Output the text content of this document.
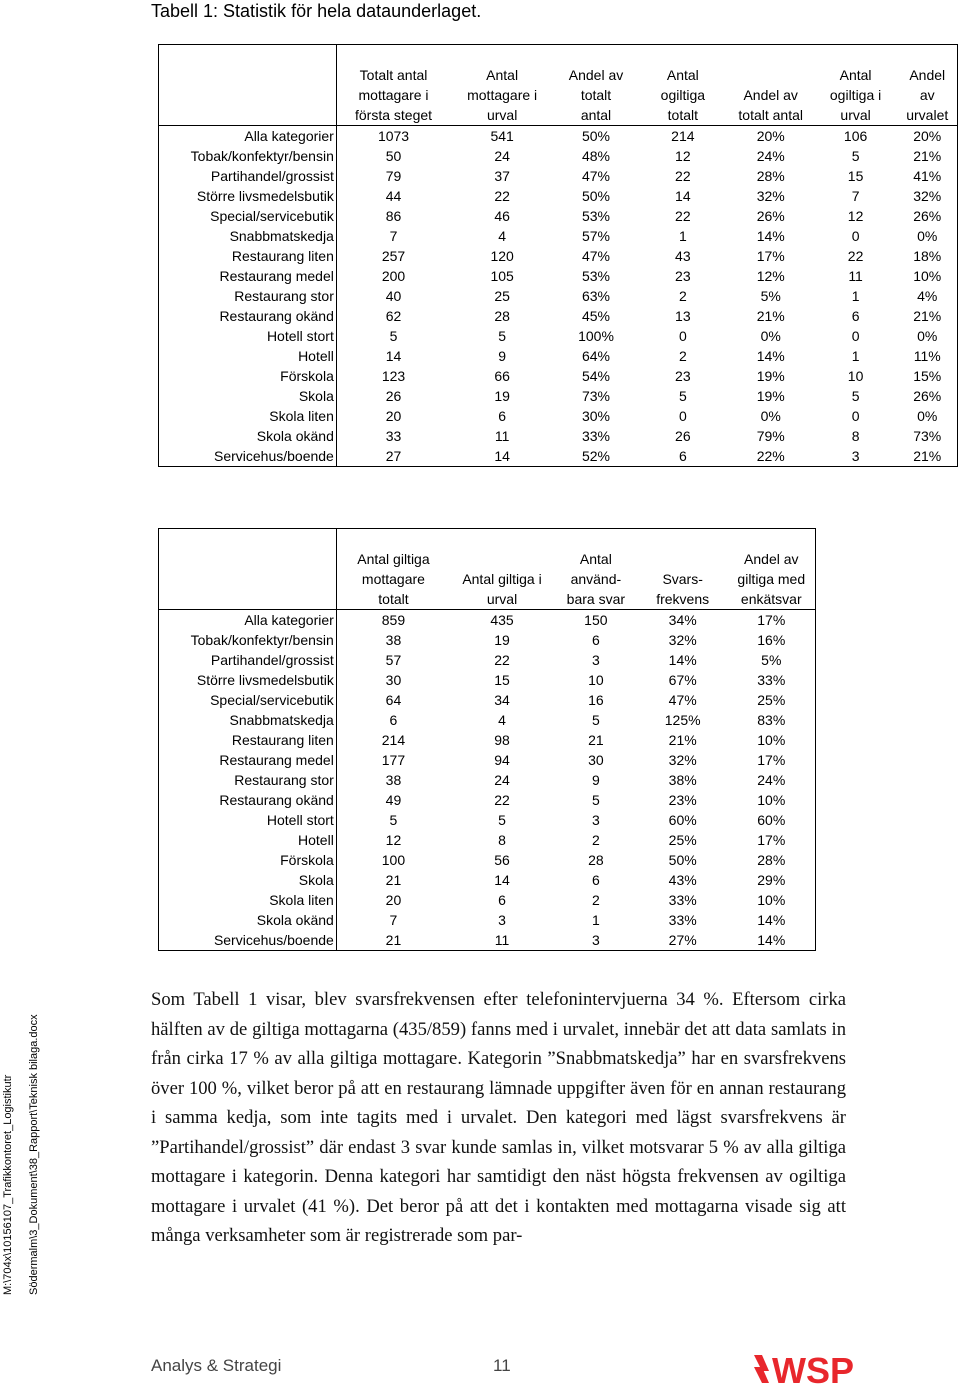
Tabell 1: Statistik för hela dataunderlaget.

	Totalt antal
mottagare i
första steget	Antal
mottagare i
urval	Andel av
totalt
antal	Antal
ogiltiga
totalt	Andel av
totalt antal	Antal
ogiltiga i
urval	Andel
av
urvalet

Alla kategorier	1073	541	50%	214	20%	106	20%
Tobak/konfektyr/bensin	50	24	48%	12	24%	5	21%
Partihandel/grossist	79	37	47%	22	28%	15	41%
Större livsmedelsbutik	44	22	50%	14	32%	7	32%
Special/servicebutik	86	46	53%	22	26%	12	26%
Snabbmatskedja	7	4	57%	1	14%	0	0%
Restaurang liten	257	120	47%	43	17%	22	18%
Restaurang medel	200	105	53%	23	12%	11	10%
Restaurang stor	40	25	63%	2	5%	1	4%
Restaurang okänd	62	28	45%	13	21%	6	21%
Hotell stort	5	5	100%	0	0%	0	0%
Hotell	14	9	64%	2	14%	1	11%
Förskola	123	66	54%	23	19%	10	15%
Skola	26	19	73%	5	19%	5	26%
Skola liten	20	6	30%	0	0%	0	0%
Skola okänd	33	11	33%	26	79%	8	73%
Servicehus/boende	27	14	52%	6	22%	3	21%

	Antal giltiga
mottagare
totalt	Antal giltiga i
urval	Antal
använd-
bara svar	Svars-
frekvens	Andel av
giltiga med
enkätsvar

Alla kategorier	859	435	150	34%	17%
Tobak/konfektyr/bensin	38	19	6	32%	16%
Partihandel/grossist	57	22	3	14%	5%
Större livsmedelsbutik	30	15	10	67%	33%
Special/servicebutik	64	34	16	47%	25%
Snabbmatskedja	6	4	5	125%	83%
Restaurang liten	214	98	21	21%	10%
Restaurang medel	177	94	30	32%	17%
Restaurang stor	38	24	9	38%	24%
Restaurang okänd	49	22	5	23%	10%
Hotell stort	5	5	3	60%	60%
Hotell	12	8	2	25%	17%
Förskola	100	56	28	50%	28%
Skola	21	14	6	43%	29%
Skola liten	20	6	2	33%	10%
Skola okänd	7	3	1	33%	14%
Servicehus/boende	21	11	3	27%	14%
Som Tabell 1 visar, blev svarsfrekvensen efter telefonintervjuerna 34 %. Eftersom cirka hälften av de giltiga mottagarna (435/859) fanns med i urvalet, innebär det att data samlats in från cirka 17 % av alla giltiga mottagare. Kategorin ”Snabbmatskedja” har en svarsfrekvens över 100 %, vilket beror på att en restaurang lämnade uppgifter även för en annan restaurang i samma kedja, som inte tagits med i urvalet. Den kategori med lägst svarsfrekvens är ”Partihandel/grossist” där endast 3 svar kunde samlas in, vilket motsvarar 5 % av alla giltiga mottagare i kategorin. Denna kategori har samtidigt den näst högsta frekvensen av ogiltiga mottagare i urvalet (41 %). Det beror på att det i kontakten med mottagarna visade sig att många verksamheter som är registrerade som par-
M:\704x\10156107_Trafikkontoret_Logistikutr Södermalm\3_Dokument\38_Rapport\Teknisk bilaga.docx
Analys & Strategi	11	WSP
